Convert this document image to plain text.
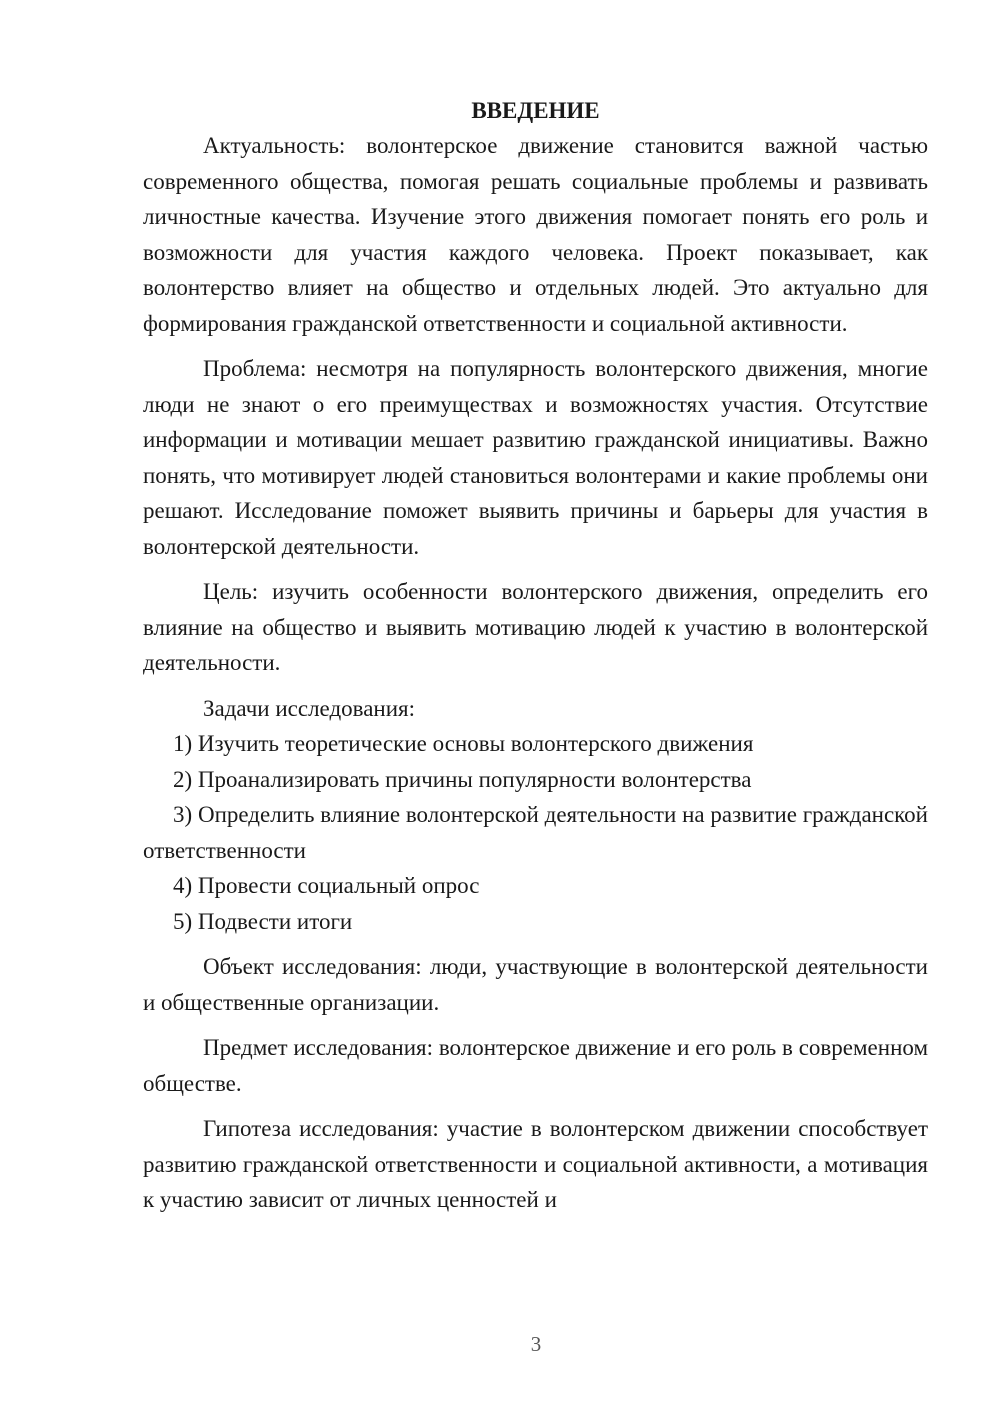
ВВЕДЕНИЕ

Актуальность: волонтерское движение становится важной частью современного общества, помогая решать социальные проблемы и развивать личностные качества. Изучение этого движения помогает понять его роль и возможности для участия каждого человека. Проект показывает, как волонтерство влияет на общество и отдельных людей. Это актуально для формирования гражданской ответственности и социальной активности.

Проблема: несмотря на популярность волонтерского движения, многие люди не знают о его преимуществах и возможностях участия. Отсутствие информации и мотивации мешает развитию гражданской инициативы. Важно понять, что мотивирует людей становиться волонтерами и какие проблемы они решают. Исследование поможет выявить причины и барьеры для участия в волонтерской деятельности.

Цель: изучить особенности волонтерского движения, определить его влияние на общество и выявить мотивацию людей к участию в волонтерской деятельности.

Задачи исследования:

1) Изучить теоретические основы волонтерского движения

2) Проанализировать причины популярности волонтерства

3) Определить влияние волонтерской деятельности на развитие гражданской ответственности

4) Провести социальный опрос

5) Подвести итоги

Объект исследования: люди, участвующие в волонтерской деятельности и общественные организации.

Предмет исследования: волонтерское движение и его роль в современном обществе.

Гипотеза исследования: участие в волонтерском движении способствует развитию гражданской ответственности и социальной активности, а мотивация к участию зависит от личных ценностей и

3
